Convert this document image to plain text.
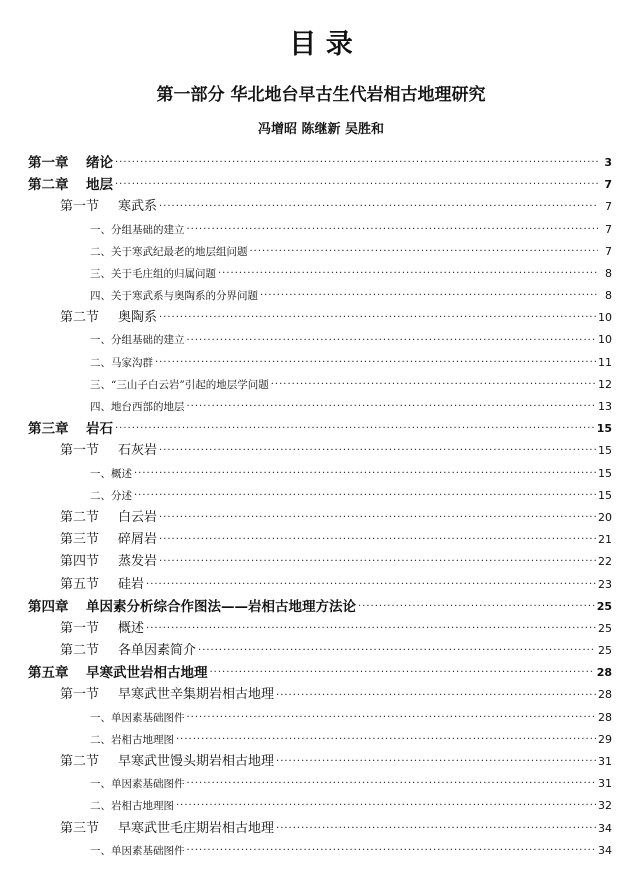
目 录
第一部分 华北地台早古生代岩相古地理研究
冯增昭 陈继新 吴胜和
第一章	绪论 ·····	3
第二章	地层 ·····	7
第一节	寒武系 ·····	7
一、分组基础的建立 ·····	7
二、关于寒武纪最老的地层组问题 ·····	7
三、关于毛庄组的归属问题 ·····	8
四、关于寒武系与奥陶系的分界问题 ·····	8
第二节	奥陶系 ·····	10
一、分组基础的建立 ·····	10
二、马家沟群 ·····	11
三、“三山子白云岩”引起的地层学问题 ·····	12
四、地台西部的地层 ·····	13
第三章	岩石 ·····	15
第一节	石灰岩 ·····	15
一、概述 ·····	15
二、分述 ·····	15
第二节	白云岩 ·····	20
第三节	碎屑岩 ·····	21
第四节	蒸发岩 ·····	22
第五节	硅岩 ·····	23
第四章	单因素分析综合作图法——岩相古地理方法论 ·····	25
第一节	概述 ·····	25
第二节	各单因素简介 ·····	25
第五章	早寒武世岩相古地理 ·····	28
第一节	早寒武世辛集期岩相古地理 ·····	28
一、单因素基础图件 ·····	28
二、岩相古地理图 ·····	29
第二节	早寒武世馒头期岩相古地理 ·····	31
一、单因素基础图件 ·····	31
二、岩相古地理图 ·····	32
第三节	早寒武世毛庄期岩相古地理 ·····	34
一、单因素基础图件 ·····	34
